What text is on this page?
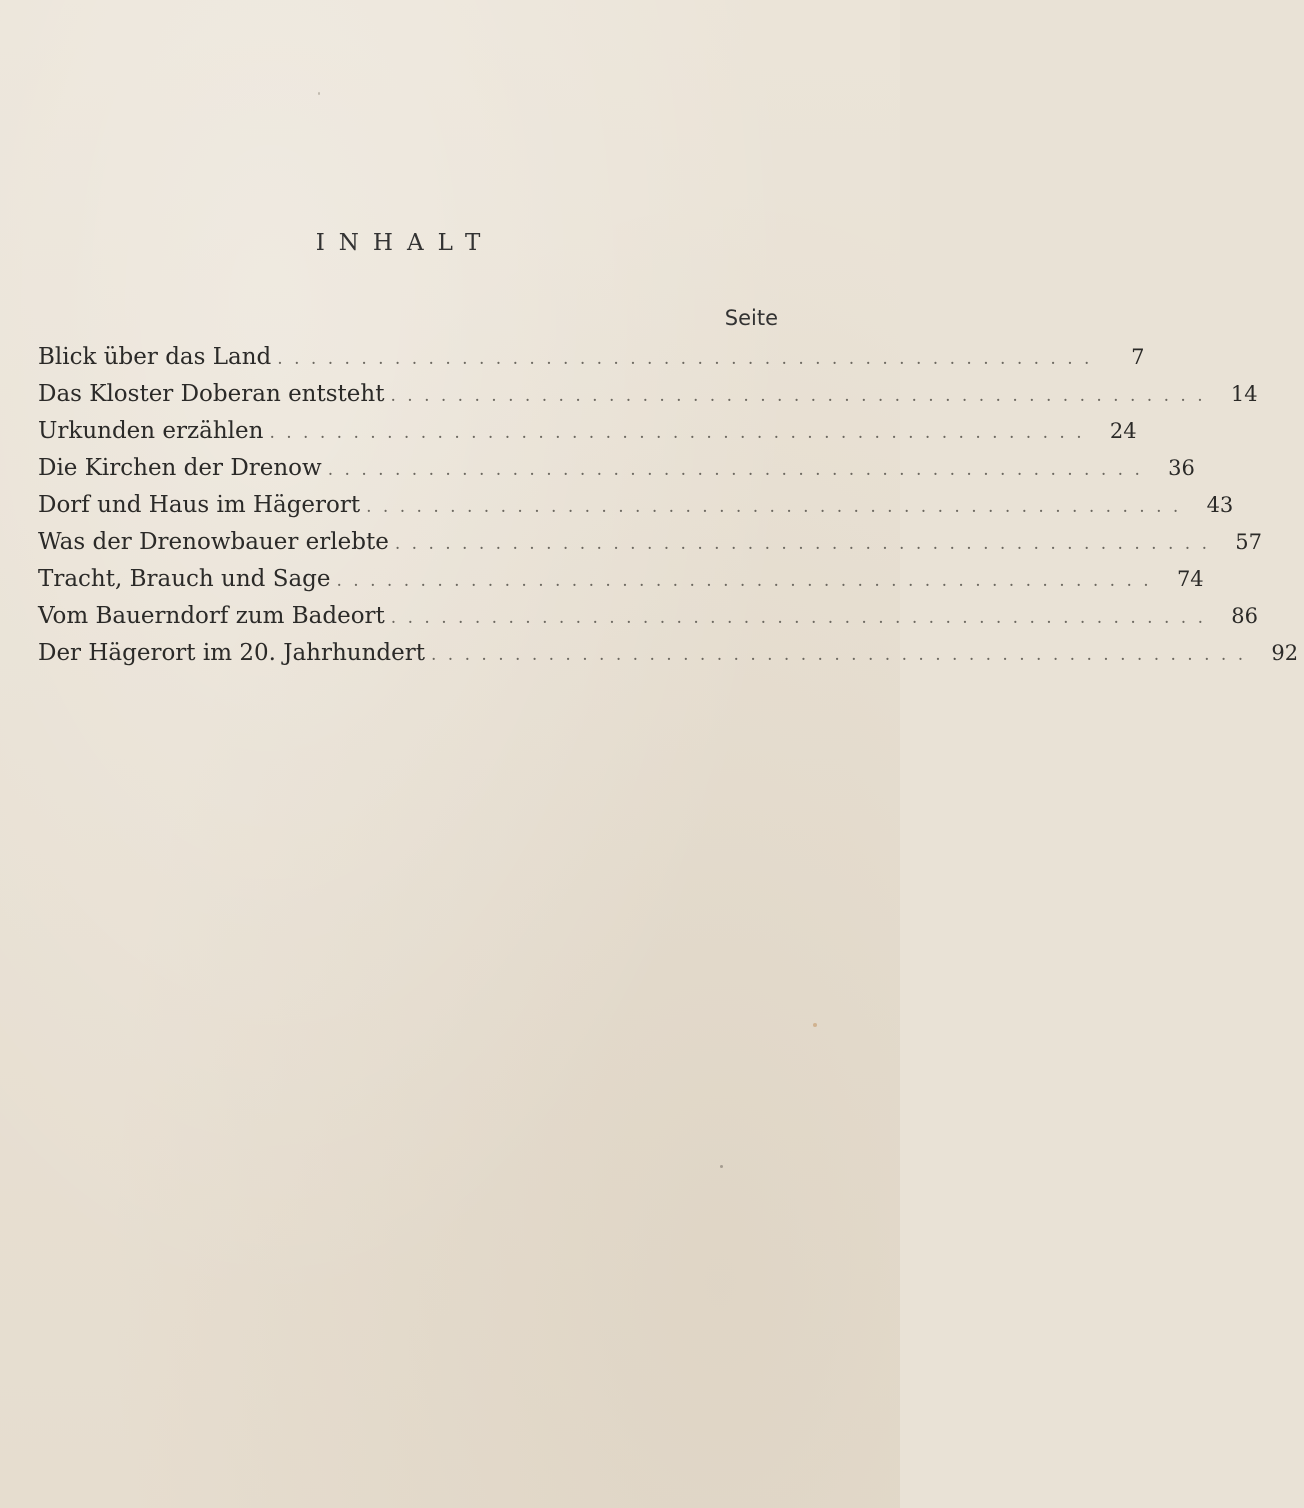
INHALT
Seite
Blick über das Land . . . . . . . . . . . . . . . . . . . . . . . . . . . . . . . . . . . . . . . . . . . . . . . . .	7
Das Kloster Doberan entsteht . . . . . . . . . . . . . . . . . . . . . . . . . . . . . . . . . . . . . . . . . . . . . . . . .	14
Urkunden erzählen . . . . . . . . . . . . . . . . . . . . . . . . . . . . . . . . . . . . . . . . . . . . . . . . .	24
Die Kirchen der Drenow . . . . . . . . . . . . . . . . . . . . . . . . . . . . . . . . . . . . . . . . . . . . . . . . .	36
Dorf und Haus im Hägerort . . . . . . . . . . . . . . . . . . . . . . . . . . . . . . . . . . . . . . . . . . . . . . . . .	43
Was der Drenowbauer erlebte . . . . . . . . . . . . . . . . . . . . . . . . . . . . . . . . . . . . . . . . . . . . . . . . .	57
Tracht, Brauch und Sage . . . . . . . . . . . . . . . . . . . . . . . . . . . . . . . . . . . . . . . . . . . . . . . . .	74
Vom Bauerndorf zum Badeort . . . . . . . . . . . . . . . . . . . . . . . . . . . . . . . . . . . . . . . . . . . . . . . . .	86
Der Hägerort im 20. Jahrhundert . . . . . . . . . . . . . . . . . . . . . . . . . . . . . . . . . . . . . . . . . . . . . . . . .	92
